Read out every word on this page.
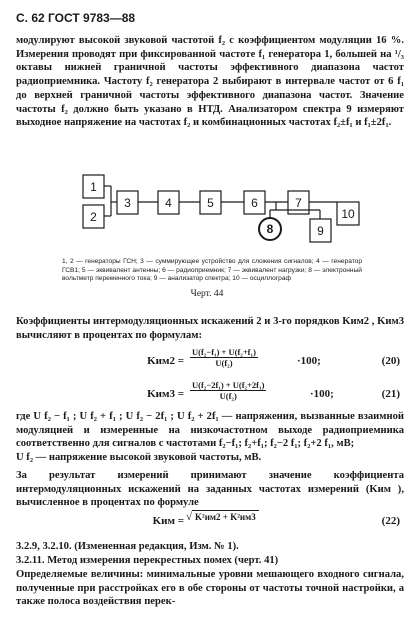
С. 62 ГОСТ 9783—88

модулируют высокой звуковой частотой f₂ с коэффициентом модуляции 16 %. Измерения проводят при фиксированной частоте f₁ генератора 1, большей на ¹/₃ октавы нижней граничной частоты эффективного диапазона частот радиоприемника. Частоту f₂ генератора 2 выбирают в интервале частот от 6 f₁ до верхней граничной частоты эффективного диапазона частот. Значение частоты f₂ должно быть указано в НТД. Анализатором спектра 9 измеряют выходное напряжение на частотах f₂ и комбинационных частотах f₂±f₁ и f₁±2f₁.

1
2
3	4	5	6	7
8	9
10

1, 2 — генераторы ГСН; 3 — суммирующее устройство для сложения сигналов; 4 — генератор ГСВ1; 5 — эквивалент антенны; 6 — радиоприемник; 7 — эквивалент нагрузки; 8 — электронный вольтметр переменного тока; 9 — анализатор спектра; 10 — осциллограф

Черт. 44

Коэффициенты интермодуляционных искажений 2 и 3-го порядков Kим2 , Kим3 вычисляют в процентах по формулам:

$Kим2 = \frac{\text{U(f₂−f₁) + U(f₂+f₁)}}{\text{U(f₂)}}$	·100;	(20)
$Kим3 = \frac{\text{U(f₂−2f₁) + U(f₂+2f₁)}}{\text{U(f₂)}}$	·100;	(21)

где U f₂ − f₁ ; U f₂ + f₁ ; U f₂ − 2f₁ ; U f₂ + 2f₁ — напряжения, вызванные взаимной модуляцией и измеренные на низкочастотном выходе радиоприемника соответственно для сигналов с частотами f₂−f₁; f₂+f₁; f₂−2 f₁; f₂+2 f₁, мВ;
U f₂ — напряжение высокой звуковой частоты, мВ.

За результат измерений принимают значение коэффициента интермодуляционных искажений на заданных частотах измерений (Kим ), вычисленное в процентах по формуле

Kим = √ K²им2 + K²им3	(22)

3.2.9, 3.2.10. (Измененная редакция, Изм. № 1).

3.2.11. Метод измерения перекрестных помех (черт. 41)

Определяемые величины: минимальные уровни мешающего входного сигнала, полученные при расстройках его в обе стороны от частоты точной настройки, а также полоса воздействия перек-
